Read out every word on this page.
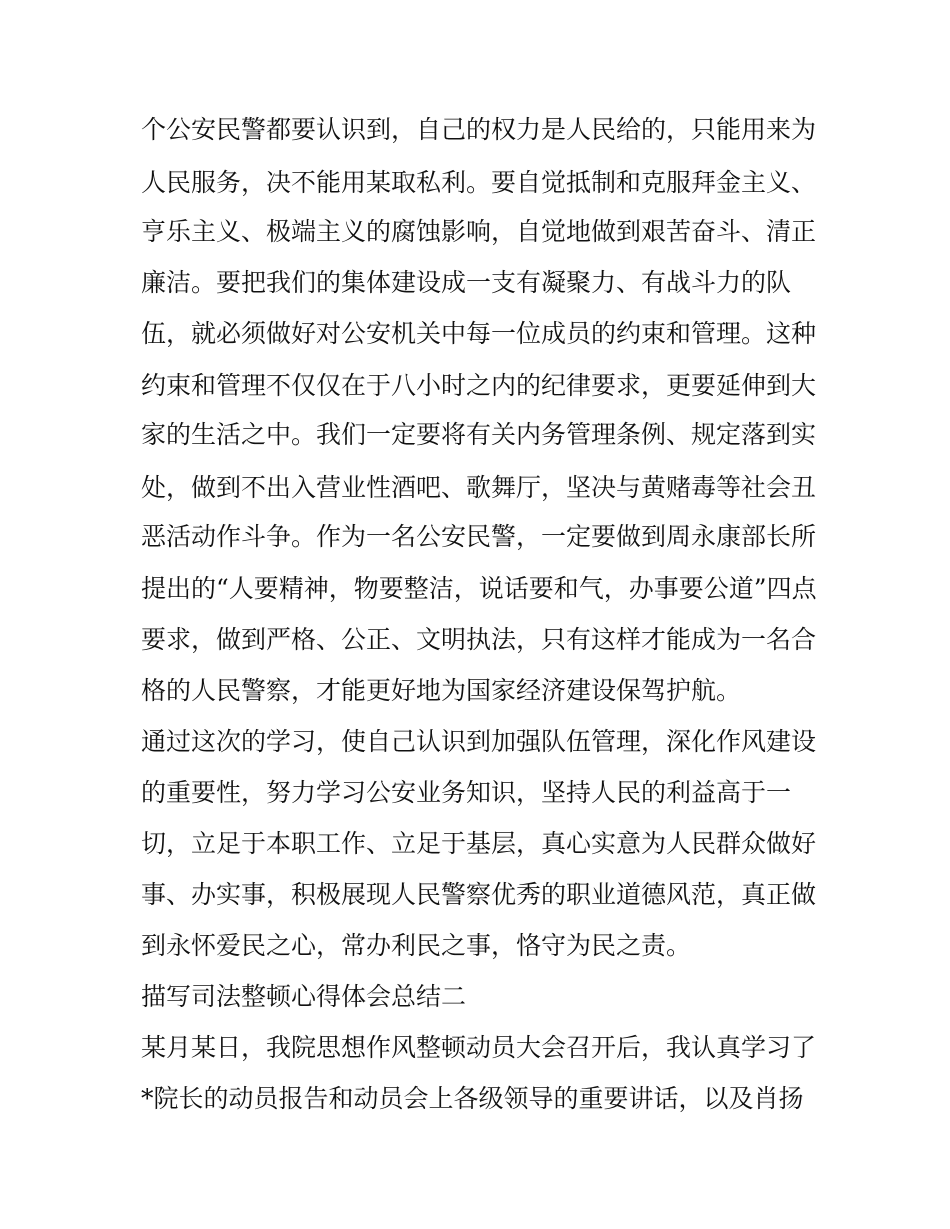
个公安民警都要认识到，自己的权力是人民给的，只能用来为

人民服务，决不能用某取私利。要自觉抵制和克服拜金主义、

亨乐主义、极端主义的腐蚀影响，自觉地做到艰苦奋斗、清正

廉洁。要把我们的集体建设成一支有凝聚力、有战斗力的队

伍，就必须做好对公安机关中每一位成员的约束和管理。这种

约束和管理不仅仅在于八小时之内的纪律要求，更要延伸到大

家的生活之中。我们一定要将有关内务管理条例、规定落到实

处，做到不出入营业性酒吧、歌舞厅，坚决与黄赌毒等社会丑

恶活动作斗争。作为一名公安民警，一定要做到周永康部长所

提出的“人要精神，物要整洁，说话要和气，办事要公道”四点

要求，做到严格、公正、文明执法，只有这样才能成为一名合

格的人民警察，才能更好地为国家经济建设保驾护航。

通过这次的学习，使自己认识到加强队伍管理，深化作风建设

的重要性，努力学习公安业务知识，坚持人民的利益高于一

切，立足于本职工作、立足于基层，真心实意为人民群众做好

事、办实事，积极展现人民警察优秀的职业道德风范，真正做

到永怀爱民之心，常办利民之事，恪守为民之责。

描写司法整顿心得体会总结二

某月某日，我院思想作风整顿动员大会召开后，我认真学习了

*院长的动员报告和动员会上各级领导的重要讲话，以及肖扬
